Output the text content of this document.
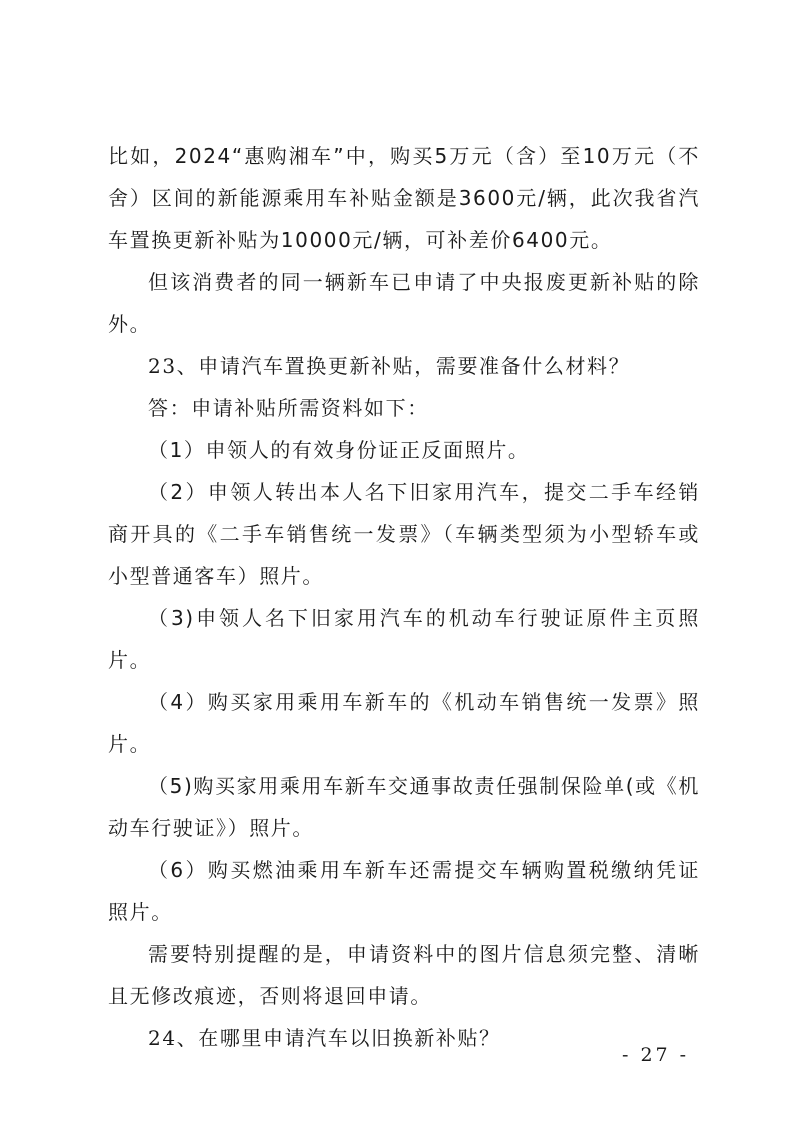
比如，2024“惠购湘车”中，购买5万元（含）至10万元（不舍）区间的新能源乘用车补贴金额是3600元/辆，此次我省汽车置换更新补贴为10000元/辆，可补差价6400元。

但该消费者的同一辆新车已申请了中央报废更新补贴的除外。

23、申请汽车置换更新补贴，需要准备什么材料？

答：申请补贴所需资料如下：

（1）申领人的有效身份证正反面照片。

（2）申领人转出本人名下旧家用汽车，提交二手车经销商开具的《二手车销售统一发票》（车辆类型须为小型轿车或小型普通客车）照片。

（3)申领人名下旧家用汽车的机动车行驶证原件主页照片。

（4）购买家用乘用车新车的《机动车销售统一发票》照片。

（5)购买家用乘用车新车交通事故责任强制保险单(或《机动车行驶证》）照片。

（6）购买燃油乘用车新车还需提交车辆购置税缴纳凭证照片。

需要特别提醒的是，申请资料中的图片信息须完整、清晰且无修改痕迹，否则将退回申请。

24、在哪里申请汽车以旧换新补贴？

- 27 -
